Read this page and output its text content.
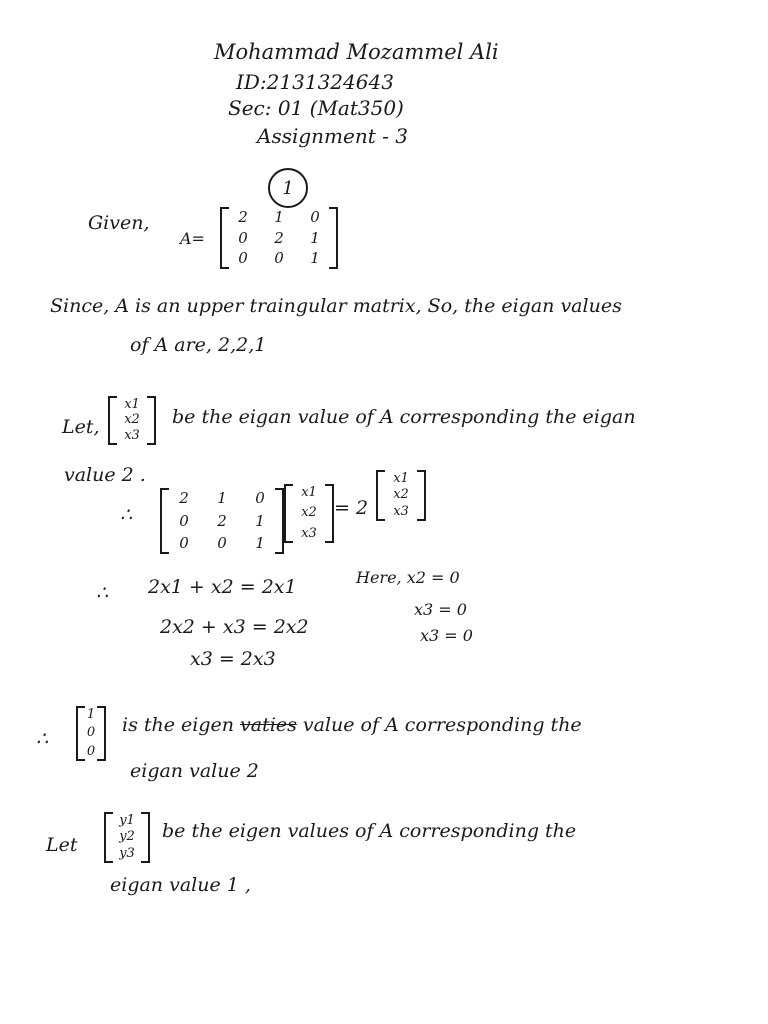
Mohammad Mozammel Ali
ID:2131324643
Sec: 01 (Mat350)
Assignment - 3
1
Given,
A=
2	1	0
0	2	1
0	0	1
Since, A is an upper traingular matrix, So, the eigan values
of A are, 2,2,1
Let,
x1
x2
x3
be the eigan value of A corresponding the eigan
value 2 .
∴
2	1	0
0	2	1
0	0	1
x1
x2
x3
= 2
x1
x2
x3
∴ 2x1 + x2 = 2x1
2x2 + x3 = 2x2
x3 = 2x3
Here, x2 = 0
x3 = 0
x3 = 0
∴
1
0
0
is the eigen vaties value of A corresponding the
eigan value 2
Let
y1
y2
y3
be the eigen values of A corresponding the
eigan value 1 ,
